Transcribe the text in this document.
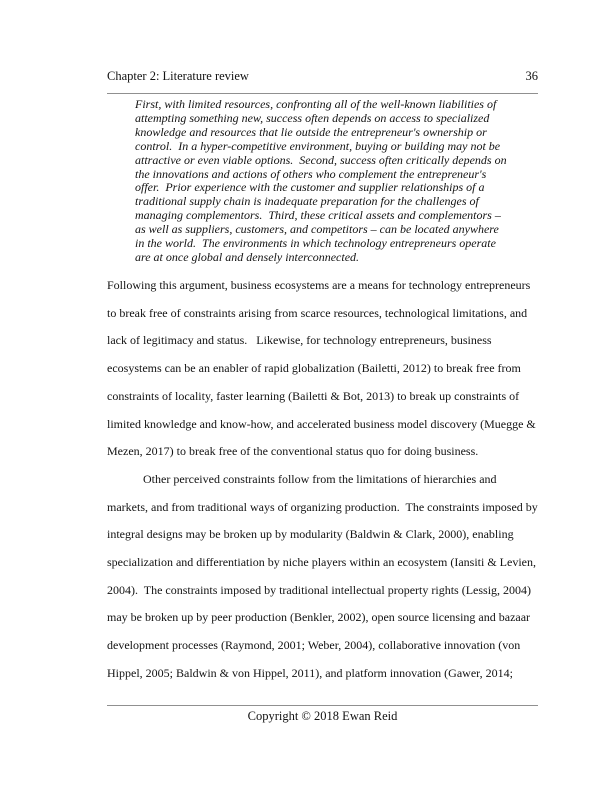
Chapter 2: Literature review	36
First, with limited resources, confronting all of the well-known liabilities of
attempting something new, success often depends on access to specialized
knowledge and resources that lie outside the entrepreneur's ownership or
control.  In a hyper-competitive environment, buying or building may not be
attractive or even viable options.  Second, success often critically depends on
the innovations and actions of others who complement the entrepreneur's
offer.  Prior experience with the customer and supplier relationships of a
traditional supply chain is inadequate preparation for the challenges of
managing complementors.  Third, these critical assets and complementors –
as well as suppliers, customers, and competitors – can be located anywhere
in the world.  The environments in which technology entrepreneurs operate
are at once global and densely interconnected.
Following this argument, business ecosystems are a means for technology entrepreneurs
to break free of constraints arising from scarce resources, technological limitations, and
lack of legitimacy and status.   Likewise, for technology entrepreneurs, business
ecosystems can be an enabler of rapid globalization (Bailetti, 2012) to break free from
constraints of locality, faster learning (Bailetti & Bot, 2013) to break up constraints of
limited knowledge and know-how, and accelerated business model discovery (Muegge &
Mezen, 2017) to break free of the conventional status quo for doing business.
Other perceived constraints follow from the limitations of hierarchies and
markets, and from traditional ways of organizing production.  The constraints imposed by
integral designs may be broken up by modularity (Baldwin & Clark, 2000), enabling
specialization and differentiation by niche players within an ecosystem (Iansiti & Levien,
2004).  The constraints imposed by traditional intellectual property rights (Lessig, 2004)
may be broken up by peer production (Benkler, 2002), open source licensing and bazaar
development processes (Raymond, 2001; Weber, 2004), collaborative innovation (von
Hippel, 2005; Baldwin & von Hippel, 2011), and platform innovation (Gawer, 2014;
Copyright © 2018 Ewan Reid
